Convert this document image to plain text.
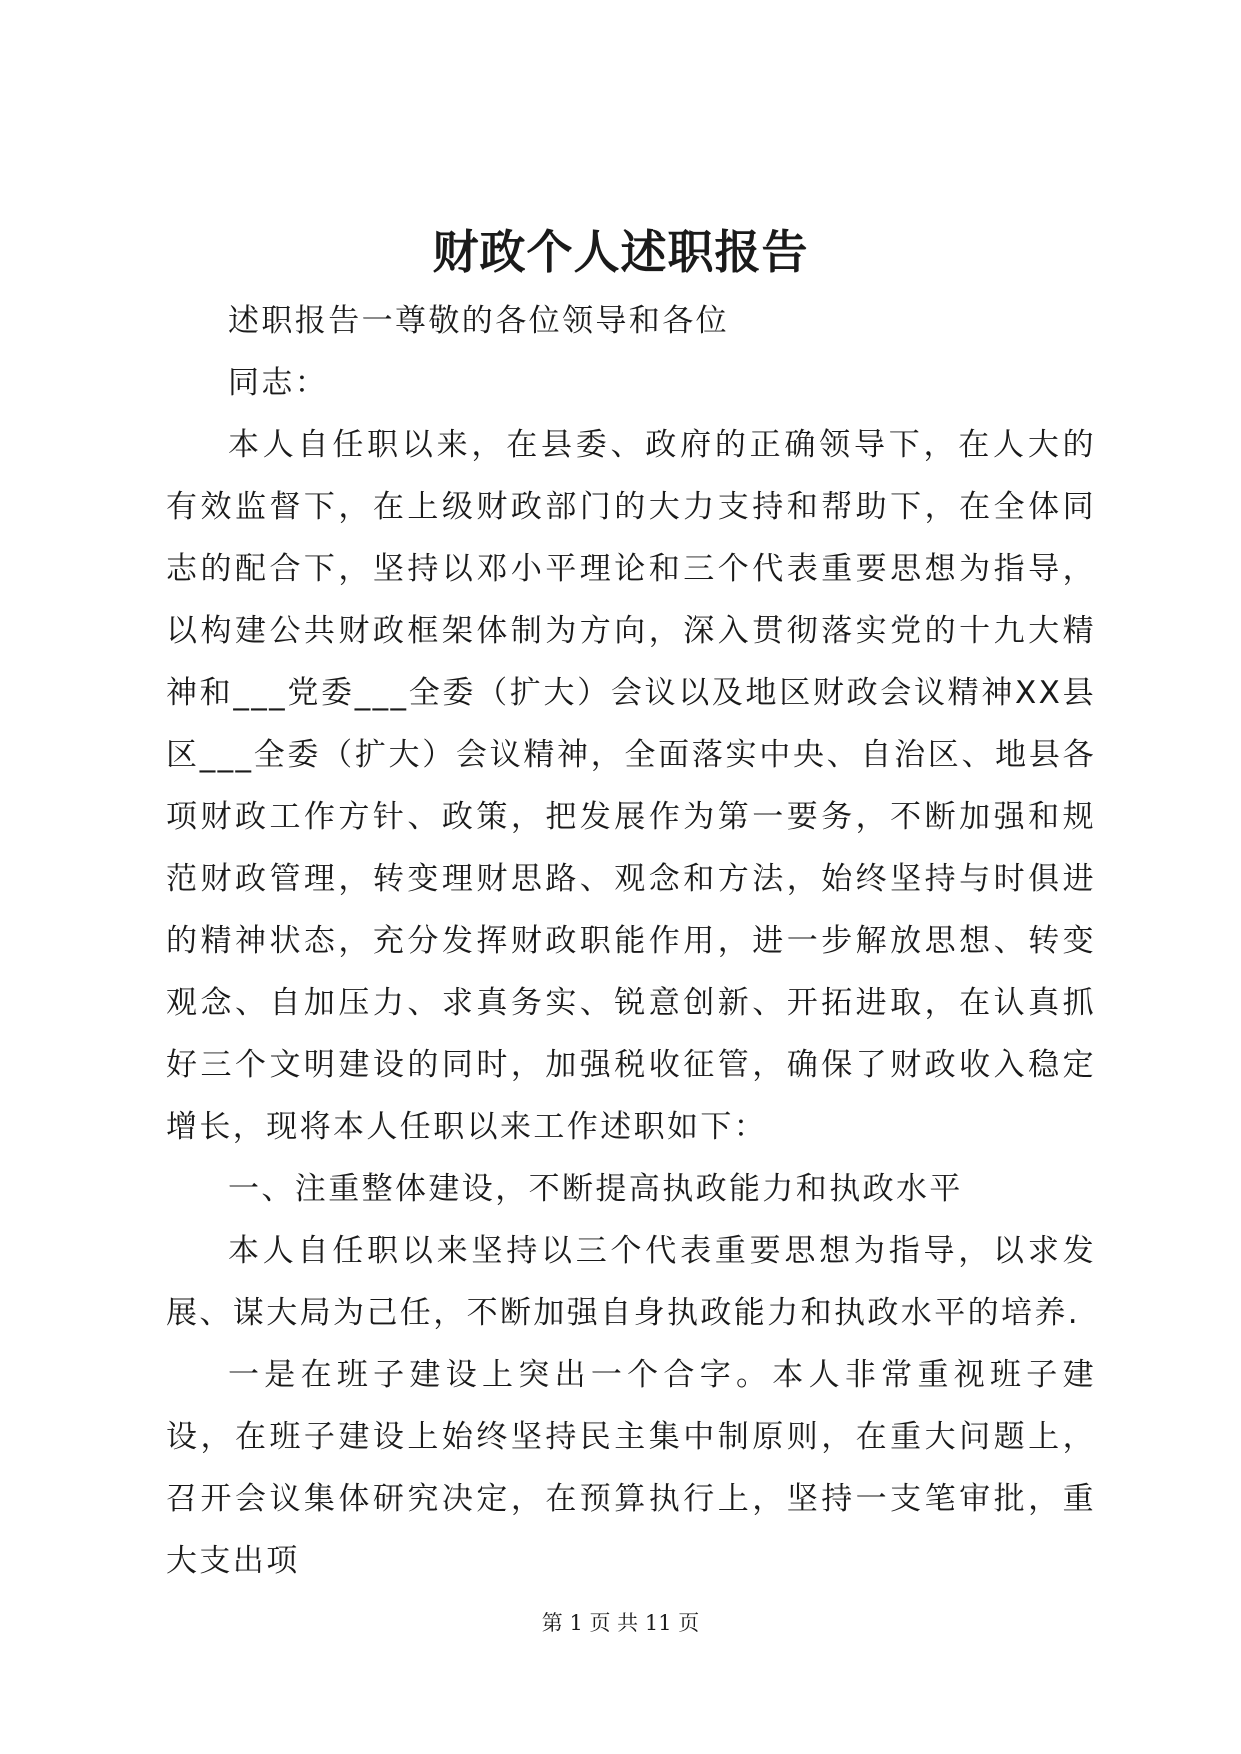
财政个人述职报告

述职报告一尊敬的各位领导和各位

同志：

本人自任职以来，在县委、政府的正确领导下，在人大的有效监督下，在上级财政部门的大力支持和帮助下，在全体同志的配合下，坚持以邓小平理论和三个代表重要思想为指导，以构建公共财政框架体制为方向，深入贯彻落实党的十九大精神和___党委___全委（扩大）会议以及地区财政会议精神XX县区___全委（扩大）会议精神，全面落实中央、自治区、地县各项财政工作方针、政策，把发展作为第一要务，不断加强和规范财政管理，转变理财思路、观念和方法，始终坚持与时俱进的精神状态，充分发挥财政职能作用，进一步解放思想、转变观念、自加压力、求真务实、锐意创新、开拓进取，在认真抓好三个文明建设的同时，加强税收征管，确保了财政收入稳定增长，现将本人任职以来工作述职如下：

一、注重整体建设，不断提高执政能力和执政水平

本人自任职以来坚持以三个代表重要思想为指导，以求发展、谋大局为己任，不断加强自身执政能力和执政水平的培养.

一是在班子建设上突出一个合字。本人非常重视班子建设，在班子建设上始终坚持民主集中制原则，在重大问题上，召开会议集体研究决定，在预算执行上，坚持一支笔审批，重大支出项

第 1 页 共 11 页
